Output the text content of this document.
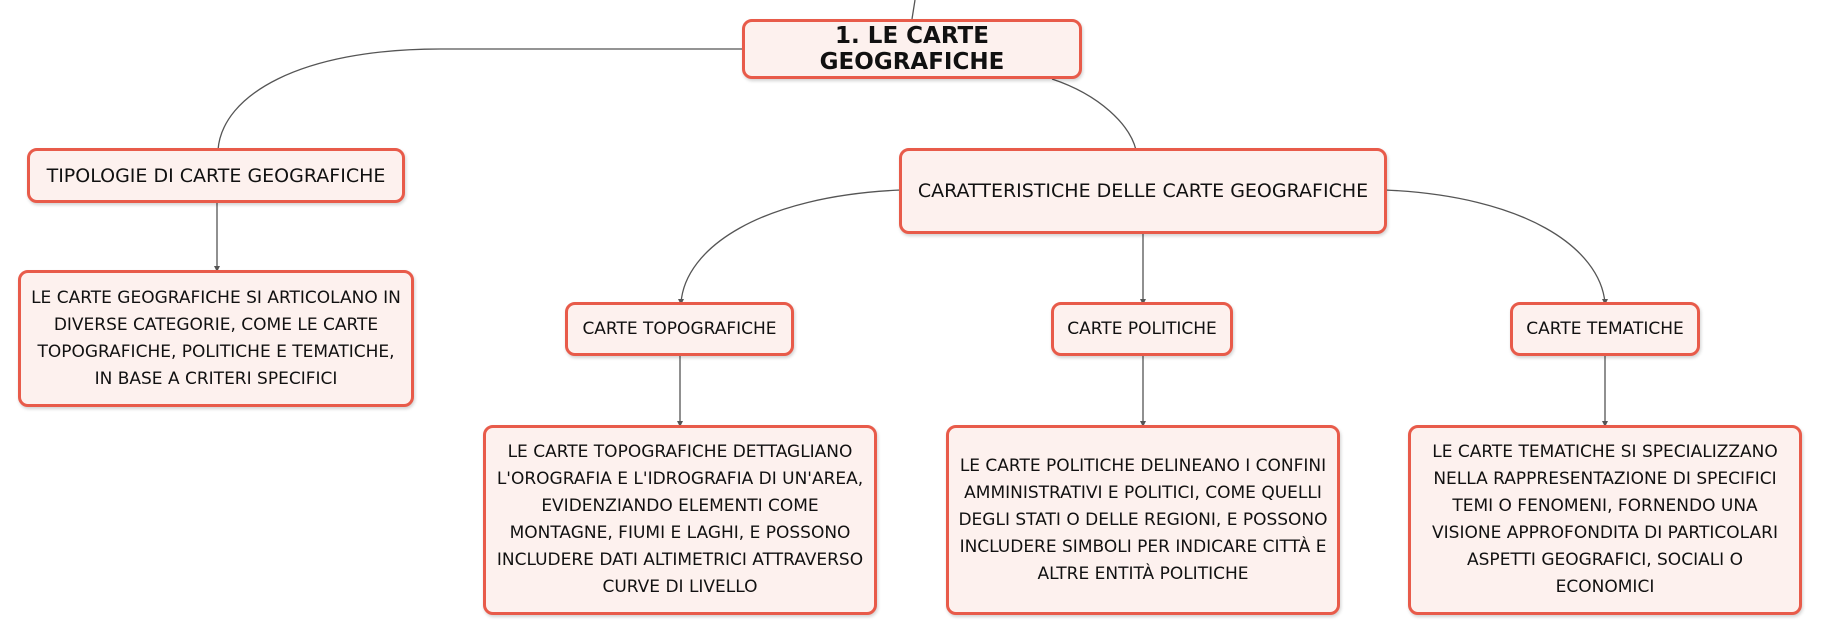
1. LE CARTE GEOGRAFICHE
TIPOLOGIE DI CARTE GEOGRAFICHE
LE CARTE GEOGRAFICHE SI ARTICOLANO IN DIVERSE CATEGORIE, COME LE CARTE TOPOGRAFICHE, POLITICHE E TEMATICHE, IN BASE A CRITERI SPECIFICI
CARATTERISTICHE DELLE CARTE GEOGRAFICHE
CARTE TOPOGRAFICHE	CARTE POLITICHE	CARTE TEMATICHE
LE CARTE TOPOGRAFICHE DETTAGLIANO L'OROGRAFIA E L'IDROGRAFIA DI UN'AREA, EVIDENZIANDO ELEMENTI COME MONTAGNE, FIUMI E LAGHI, E POSSONO INCLUDERE DATI ALTIMETRICI ATTRAVERSO CURVE DI LIVELLO
LE CARTE POLITICHE DELINEANO I CONFINI AMMINISTRATIVI E POLITICI, COME QUELLI DEGLI STATI O DELLE REGIONI, E POSSONO INCLUDERE SIMBOLI PER INDICARE CITTÀ E ALTRE ENTITÀ POLITICHE
LE CARTE TEMATICHE SI SPECIALIZZANO NELLA RAPPRESENTAZIONE DI SPECIFICI TEMI O FENOMENI, FORNENDO UNA VISIONE APPROFONDITA DI PARTICOLARI ASPETTI GEOGRAFICI, SOCIALI O ECONOMICI
